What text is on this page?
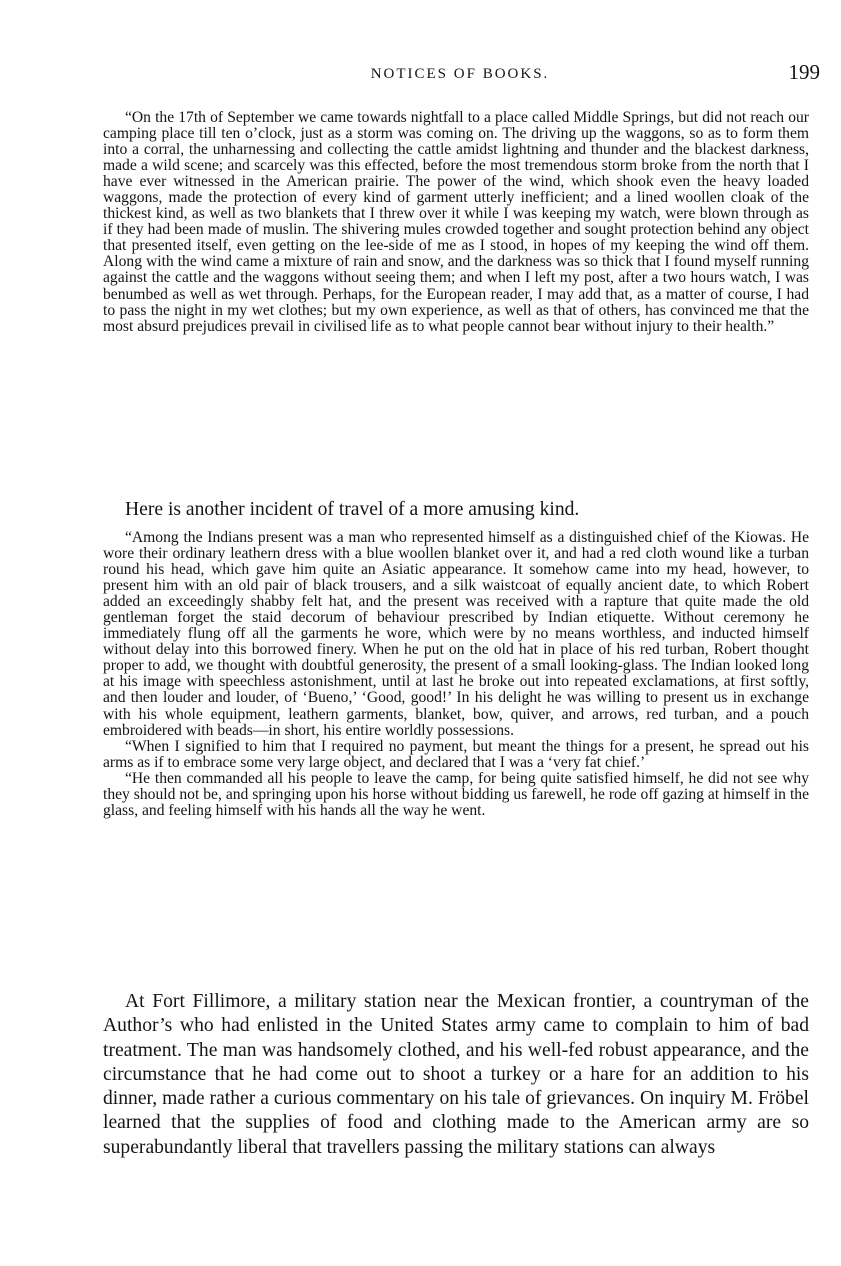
NOTICES OF BOOKS.	199

“On the 17th of September we came towards nightfall to a place called Middle Springs, but did not reach our camping place till ten o’clock, just as a storm was coming on. The driving up the waggons, so as to form them into a corral, the unharnessing and collecting the cattle amidst lightning and thunder and the blackest darkness, made a wild scene; and scarcely was this effected, before the most tremendous storm broke from the north that I have ever witnessed in the American prairie. The power of the wind, which shook even the heavy loaded waggons, made the protection of every kind of garment utterly inefficient; and a lined woollen cloak of the thickest kind, as well as two blankets that I threw over it while I was keeping my watch, were blown through as if they had been made of muslin. The shivering mules crowded together and sought protection behind any object that presented itself, even getting on the lee-side of me as I stood, in hopes of my keeping the wind off them. Along with the wind came a mixture of rain and snow, and the darkness was so thick that I found myself running against the cattle and the waggons without seeing them; and when I left my post, after a two hours watch, I was benumbed as well as wet through. Perhaps, for the European reader, I may add that, as a matter of course, I had to pass the night in my wet clothes; but my own experience, as well as that of others, has convinced me that the most absurd prejudices prevail in civilised life as to what people cannot bear without injury to their health.”

Here is another incident of travel of a more amusing kind.

“Among the Indians present was a man who represented himself as a distinguished chief of the Kiowas. He wore their ordinary leathern dress with a blue woollen blanket over it, and had a red cloth wound like a turban round his head, which gave him quite an Asiatic appearance. It somehow came into my head, however, to present him with an old pair of black trousers, and a silk waistcoat of equally ancient date, to which Robert added an exceedingly shabby felt hat, and the present was received with a rapture that quite made the old gentleman forget the staid decorum of behaviour prescribed by Indian etiquette. Without ceremony he immediately flung off all the garments he wore, which were by no means worthless, and inducted himself without delay into this borrowed finery. When he put on the old hat in place of his red turban, Robert thought proper to add, we thought with doubtful generosity, the present of a small looking-glass. The Indian looked long at his image with speechless astonishment, until at last he broke out into repeated exclamations, at first softly, and then louder and louder, of ‘Bueno,’ ‘Good, good!’ In his delight he was willing to present us in exchange with his whole equipment, leathern garments, blanket, bow, quiver, and arrows, red turban, and a pouch embroidered with beads—in short, his entire worldly possessions.

“When I signified to him that I required no payment, but meant the things for a present, he spread out his arms as if to embrace some very large object, and declared that I was a ‘very fat chief.’

“He then commanded all his people to leave the camp, for being quite satisfied himself, he did not see why they should not be, and springing upon his horse without bidding us farewell, he rode off gazing at himself in the glass, and feeling himself with his hands all the way he went.

At Fort Fillimore, a military station near the Mexican frontier, a countryman of the Author’s who had enlisted in the United States army came to complain to him of bad treatment. The man was handsomely clothed, and his well-fed robust appearance, and the circumstance that he had come out to shoot a turkey or a hare for an addition to his dinner, made rather a curious commentary on his tale of grievances. On inquiry M. Fröbel learned that the supplies of food and clothing made to the American army are so superabundantly liberal that travellers passing the military stations can always
